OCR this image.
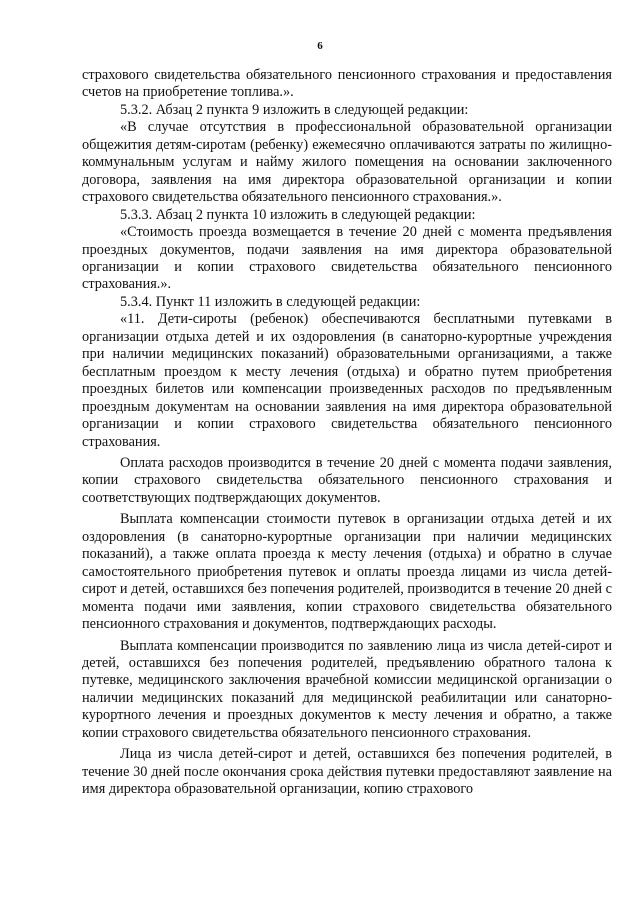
6

страхового свидетельства обязательного пенсионного страхования и предоставления счетов на приобретение топлива.».

5.3.2. Абзац 2 пункта 9 изложить в следующей редакции:

«В случае отсутствия в профессиональной образовательной организации общежития детям-сиротам (ребенку) ежемесячно оплачиваются затраты по жилищно-коммунальным услугам и найму жилого помещения на основании заключенного договора, заявления на имя директора образовательной организации и копии страхового свидетельства обязательного пенсионного страхования.».

5.3.3. Абзац 2 пункта 10 изложить в следующей редакции:

«Стоимость проезда возмещается в течение 20 дней с момента предъявления проездных документов, подачи заявления на имя директора образовательной организации и копии страхового свидетельства обязательного пенсионного страхования.».

5.3.4. Пункт 11 изложить в следующей редакции:

«11. Дети-сироты (ребенок) обеспечиваются бесплатными путевками в организации отдыха детей и их оздоровления (в санаторно-курортные учреждения при наличии медицинских показаний) образовательными организациями, а также бесплатным проездом к месту лечения (отдыха) и обратно путем приобретения проездных билетов или компенсации произведенных расходов по предъявленным проездным документам на основании заявления на имя директора образовательной организации и копии страхового свидетельства обязательного пенсионного страхования.

Оплата расходов производится в течение 20 дней с момента подачи заявления, копии страхового свидетельства обязательного пенсионного страхования и соответствующих подтверждающих документов.

Выплата компенсации стоимости путевок в организации отдыха детей и их оздоровления (в санаторно-курортные организации при наличии медицинских показаний), а также оплата проезда к месту лечения (отдыха) и обратно в случае самостоятельного приобретения путевок и оплаты проезда лицами из числа детей-сирот и детей, оставшихся без попечения родителей, производится в течение 20 дней с момента подачи ими заявления, копии страхового свидетельства обязательного пенсионного страхования и документов, подтверждающих расходы.

Выплата компенсации производится по заявлению лица из числа детей-сирот и детей, оставшихся без попечения родителей, предъявлению обратного талона к путевке, медицинского заключения врачебной комиссии медицинской организации о наличии медицинских показаний для медицинской реабилитации или санаторно-курортного лечения и проездных документов к месту лечения и обратно, а также копии страхового свидетельства обязательного пенсионного страхования.

Лица из числа детей-сирот и детей, оставшихся без попечения родителей, в течение 30 дней после окончания срока действия путевки предоставляют заявление на имя директора образовательной организации, копию страхового
